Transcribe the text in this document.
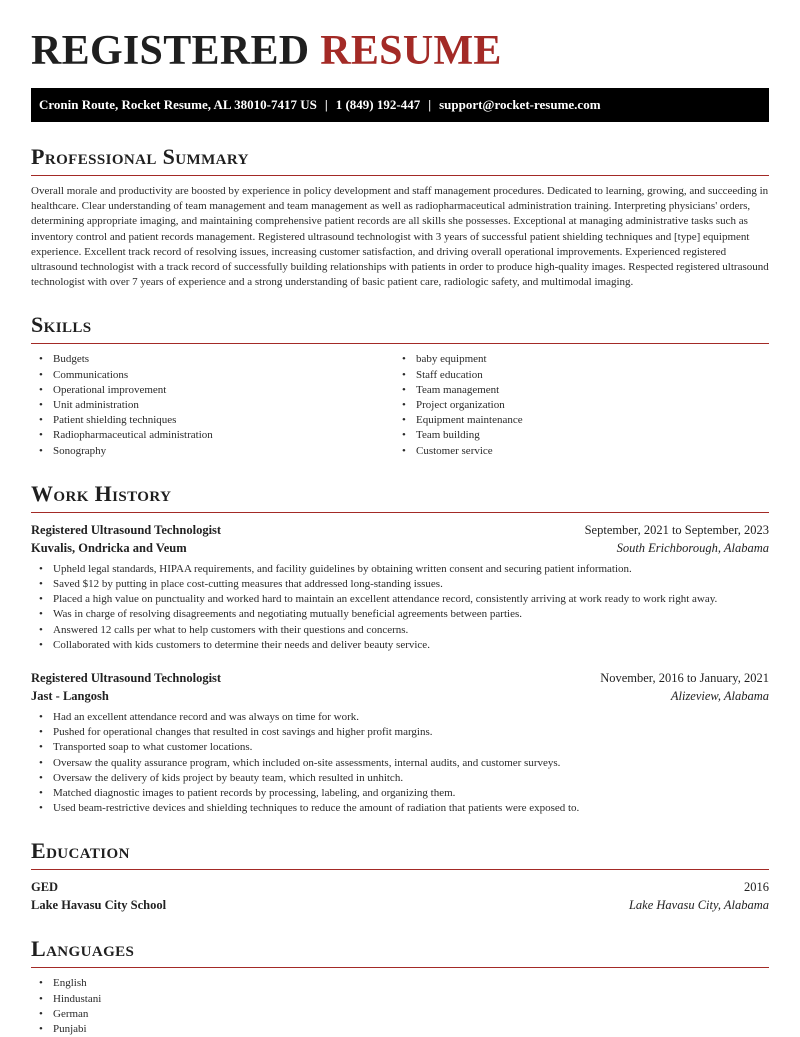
REGISTERED RESUME
Cronin Route, Rocket Resume, AL 38010-7417 US | 1 (849) 192-447 | support@rocket-resume.com
Professional Summary

Overall morale and productivity are boosted by experience in policy development and staff management procedures. Dedicated to learning, growing, and succeeding in healthcare. Clear understanding of team management and team management as well as radiopharmaceutical administration training. Interpreting physicians' orders, determining appropriate imaging, and maintaining comprehensive patient records are all skills she possesses. Exceptional at managing administrative tasks such as inventory control and patient records management. Registered ultrasound technologist with 3 years of successful patient shielding techniques and [type] equipment experience. Excellent track record of resolving issues, increasing customer satisfaction, and driving overall operational improvements. Experienced registered ultrasound technologist with a track record of successfully building relationships with patients in order to produce high-quality images. Respected registered ultrasound technologist with over 7 years of experience and a strong understanding of basic patient care, radiologic safety, and multimodal imaging.

Skills
• Budgets
• Communications
• Operational improvement
• Unit administration
• Patient shielding techniques
• Radiopharmaceutical administration
• Sonography
• baby equipment
• Staff education
• Team management
• Project organization
• Equipment maintenance
• Team building
• Customer service
Work History
Registered Ultrasound Technologist	September, 2021 to September, 2023
Kuvalis, Ondricka and Veum	South Erichborough, Alabama
• Upheld legal standards, HIPAA requirements, and facility guidelines by obtaining written consent and securing patient information.
• Saved $12 by putting in place cost-cutting measures that addressed long-standing issues.
• Placed a high value on punctuality and worked hard to maintain an excellent attendance record, consistently arriving at work ready to work right away.
• Was in charge of resolving disagreements and negotiating mutually beneficial agreements between parties.
• Answered 12 calls per what to help customers with their questions and concerns.
• Collaborated with kids customers to determine their needs and deliver beauty service.
Registered Ultrasound Technologist	November, 2016 to January, 2021
Jast - Langosh	Alizeview, Alabama
• Had an excellent attendance record and was always on time for work.
• Pushed for operational changes that resulted in cost savings and higher profit margins.
• Transported soap to what customer locations.
• Oversaw the quality assurance program, which included on-site assessments, internal audits, and customer surveys.
• Oversaw the delivery of kids project by beauty team, which resulted in unhitch.
• Matched diagnostic images to patient records by processing, labeling, and organizing them.
• Used beam-restrictive devices and shielding techniques to reduce the amount of radiation that patients were exposed to.
Education
GED	2016
Lake Havasu City School	Lake Havasu City, Alabama
Languages
• English
• Hindustani
• German
• Punjabi
